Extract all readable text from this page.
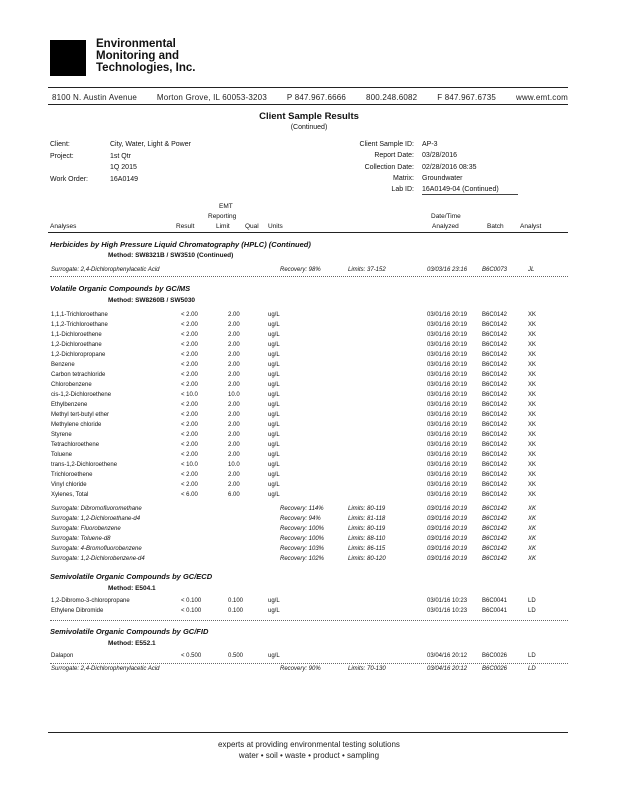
Environmental
Monitoring and
Technologies, Inc.
8100 N. Austin Avenue Morton Grove, IL 60053-3203 P 847.967.6666 800.248.6082 F 847.967.6735 www.emt.com
Client Sample Results
(Continued)
Client:	City, Water, Light & Power
Project:	1st Qtr
1Q 2015
Work Order:	16A0149
Client Sample ID: AP-3
Report Date: 03/28/2016
Collection Date: 02/28/2016 08:35
Matrix: Groundwater
Lab ID: 16A0149-04 (Continued)
Analyses	Result
EMT
Reporting
Limit Qual Units
Date/Time
Analyzed	Batch	Analyst
Herbicides by High Pressure Liquid Chromatography (HPLC) (Continued)
Method: SW8321B / SW3510 (Continued)
Surrogate: 2,4-Dichlorophenylacetic Acid	Recovery: 98%	Limits: 37-152	03/03/16 23:16 B6C0073	JL
Volatile Organic Compounds by GC/MS
Method: SW8260B / SW5030
1,1,1-Trichloroethane	< 2.00	2.00	ug/L	03/01/16 20:19 B6C0142	XK
1,1,2-Trichloroethane	< 2.00	2.00	ug/L	03/01/16 20:19 B6C0142	XK
1,1-Dichloroethene	< 2.00	2.00	ug/L	03/01/16 20:19 B6C0142	XK
1,2-Dichloroethane	< 2.00	2.00	ug/L	03/01/16 20:19 B6C0142	XK
1,2-Dichloropropane	< 2.00	2.00	ug/L	03/01/16 20:19 B6C0142	XK
Benzene	< 2.00	2.00	ug/L	03/01/16 20:19 B6C0142	XK
Carbon tetrachloride	< 2.00	2.00	ug/L	03/01/16 20:19 B6C0142	XK
Chlorobenzene	< 2.00	2.00	ug/L	03/01/16 20:19 B6C0142	XK
cis-1,2-Dichloroethene	< 10.0	10.0	ug/L	03/01/16 20:19 B6C0142	XK
Ethylbenzene	< 2.00	2.00	ug/L	03/01/16 20:19 B6C0142	XK
Methyl tert-butyl ether	< 2.00	2.00	ug/L	03/01/16 20:19 B6C0142	XK
Methylene chloride	< 2.00	2.00	ug/L	03/01/16 20:19 B6C0142	XK
Styrene	< 2.00	2.00	ug/L	03/01/16 20:19 B6C0142	XK
Tetrachloroethene	< 2.00	2.00	ug/L	03/01/16 20:19 B6C0142	XK
Toluene	< 2.00	2.00	ug/L	03/01/16 20:19 B6C0142	XK
trans-1,2-Dichloroethene	< 10.0	10.0	ug/L	03/01/16 20:19 B6C0142	XK
Trichloroethene	< 2.00	2.00	ug/L	03/01/16 20:19 B6C0142	XK
Vinyl chloride	< 2.00	2.00	ug/L	03/01/16 20:19 B6C0142	XK
Xylenes, Total	< 6.00	6.00	ug/L	03/01/16 20:19 B6C0142	XK
Surrogate: Dibromofluoromethane	Recovery: 114%	Limits: 80-119	03/01/16 20:19 B6C0142	XK
Surrogate: 1,2-Dichloroethane-d4	Recovery: 94%	Limits: 81-118	03/01/16 20:19 B6C0142	XK
Surrogate: Fluorobenzene	Recovery: 100%	Limits: 80-119	03/01/16 20:19 B6C0142	XK
Surrogate: Toluene-d8	Recovery: 100%	Limits: 88-110	03/01/16 20:19 B6C0142	XK
Surrogate: 4-Bromofluorobenzene	Recovery: 103%	Limits: 86-115	03/01/16 20:19 B6C0142	XK
Surrogate: 1,2-Dichlorobenzene-d4	Recovery: 102%	Limits: 80-120	03/01/16 20:19 B6C0142	XK
Semivolatile Organic Compounds by GC/ECD
Method: E504.1
1,2-Dibromo-3-chloropropane	< 0.100	0.100	ug/L	03/01/16 10:23 B6C0041	LD
Ethylene Dibromide	< 0.100	0.100	ug/L	03/01/16 10:23 B6C0041	LD
Semivolatile Organic Compounds by GC/FID
Method: E552.1
Dalapon	< 0.500	0.500	ug/L	03/04/16 20:12 B6C0026	LD
Surrogate: 2,4-Dichlorophenylacetic Acid	Recovery: 90%	Limits: 70-130	03/04/16 20:12 B6C0026	LD
experts at providing environmental testing solutions
water • soil • waste • product • sampling
